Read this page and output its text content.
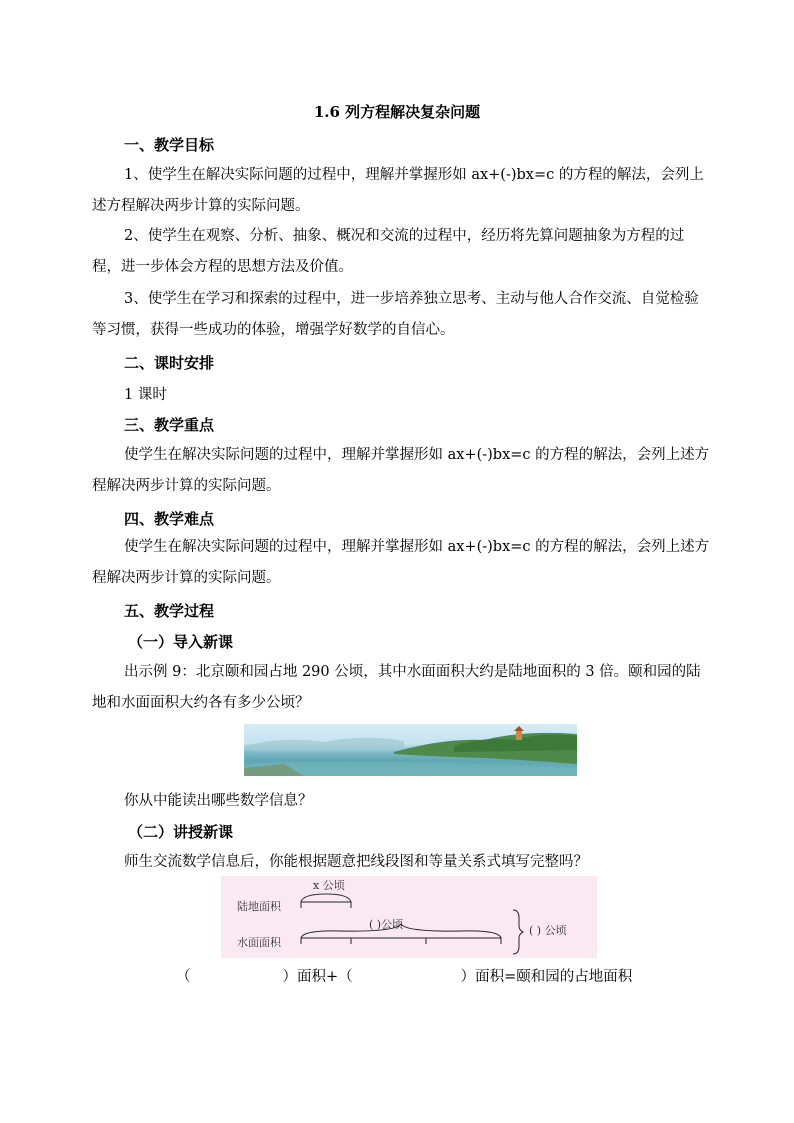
1.6 列方程解决复杂问题
一、教学目标
1、使学生在解决实际问题的过程中，理解并掌握形如 ax+(-)bx=c 的方程的解法，会列上述方程解决两步计算的实际问题。
2、使学生在观察、分析、抽象、概况和交流的过程中，经历将先算问题抽象为方程的过程，进一步体会方程的思想方法及价值。
3、使学生在学习和探索的过程中，进一步培养独立思考、主动与他人合作交流、自觉检验等习惯，获得一些成功的体验，增强学好数学的自信心。
二、课时安排
1 课时
三、教学重点
使学生在解决实际问题的过程中，理解并掌握形如 ax+(-)bx=c 的方程的解法，会列上述方程解决两步计算的实际问题。
四、教学难点
使学生在解决实际问题的过程中，理解并掌握形如 ax+(-)bx=c 的方程的解法，会列上述方程解决两步计算的实际问题。
五、教学过程
（一）导入新课
出示例 9：北京颐和园占地 290 公顷，其中水面面积大约是陆地面积的 3 倍。颐和园的陆地和水面面积大约各有多少公顷？
你从中能读出哪些数学信息？
（二）讲授新课
师生交流数学信息后，你能根据题意把线段图和等量关系式填写完整吗？
陆地面积
水面面积
x 公顷
( )公顷	( ) 公顷
（	）面积+（	）面积=颐和园的占地面积
